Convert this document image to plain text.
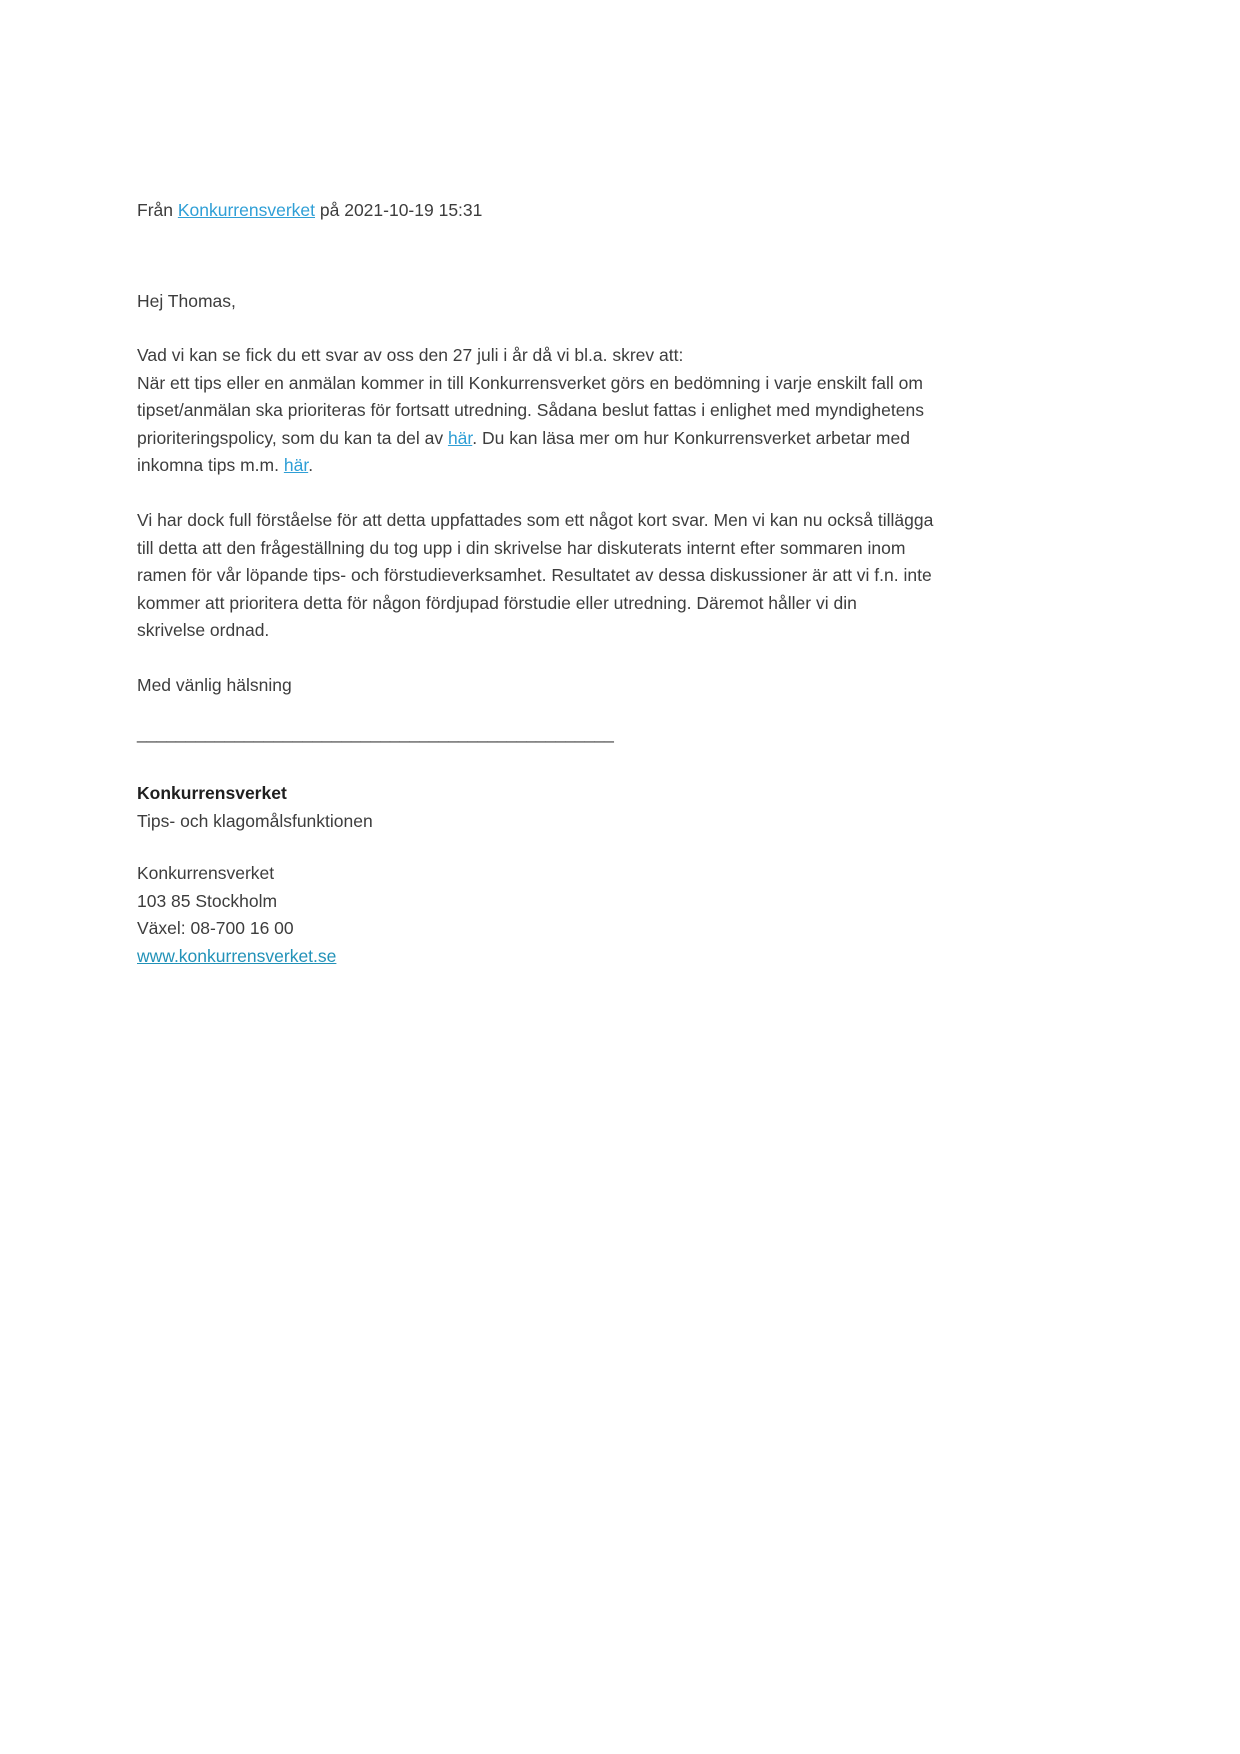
Från Konkurrensverket på 2021-10-19 15:31

Hej Thomas,

Vad vi kan se fick du ett svar av oss den 27 juli i år då vi bl.a. skrev att:
När ett tips eller en anmälan kommer in till Konkurrensverket görs en bedömning i varje enskilt fall om
tipset/anmälan ska prioriteras för fortsatt utredning. Sådana beslut fattas i enlighet med myndighetens
prioriteringspolicy, som du kan ta del av här. Du kan läsa mer om hur Konkurrensverket arbetar med
inkomna tips m.m. här.

Vi har dock full förståelse för att detta uppfattades som ett något kort svar. Men vi kan nu också tillägga
till detta att den frågeställning du tog upp i din skrivelse har diskuterats internt efter sommaren inom
ramen för vår löpande tips- och förstudieverksamhet. Resultatet av dessa diskussioner är att vi f.n. inte
kommer att prioritera detta för någon fördjupad förstudie eller utredning. Däremot håller vi din
skrivelse ordnad.

Med vänlig hälsning
_________________________________________________
Konkurrensverket
Tips- och klagomålsfunktionen
Konkurrensverket
103 85 Stockholm
Växel: 08-700 16 00
www.konkurrensverket.se
